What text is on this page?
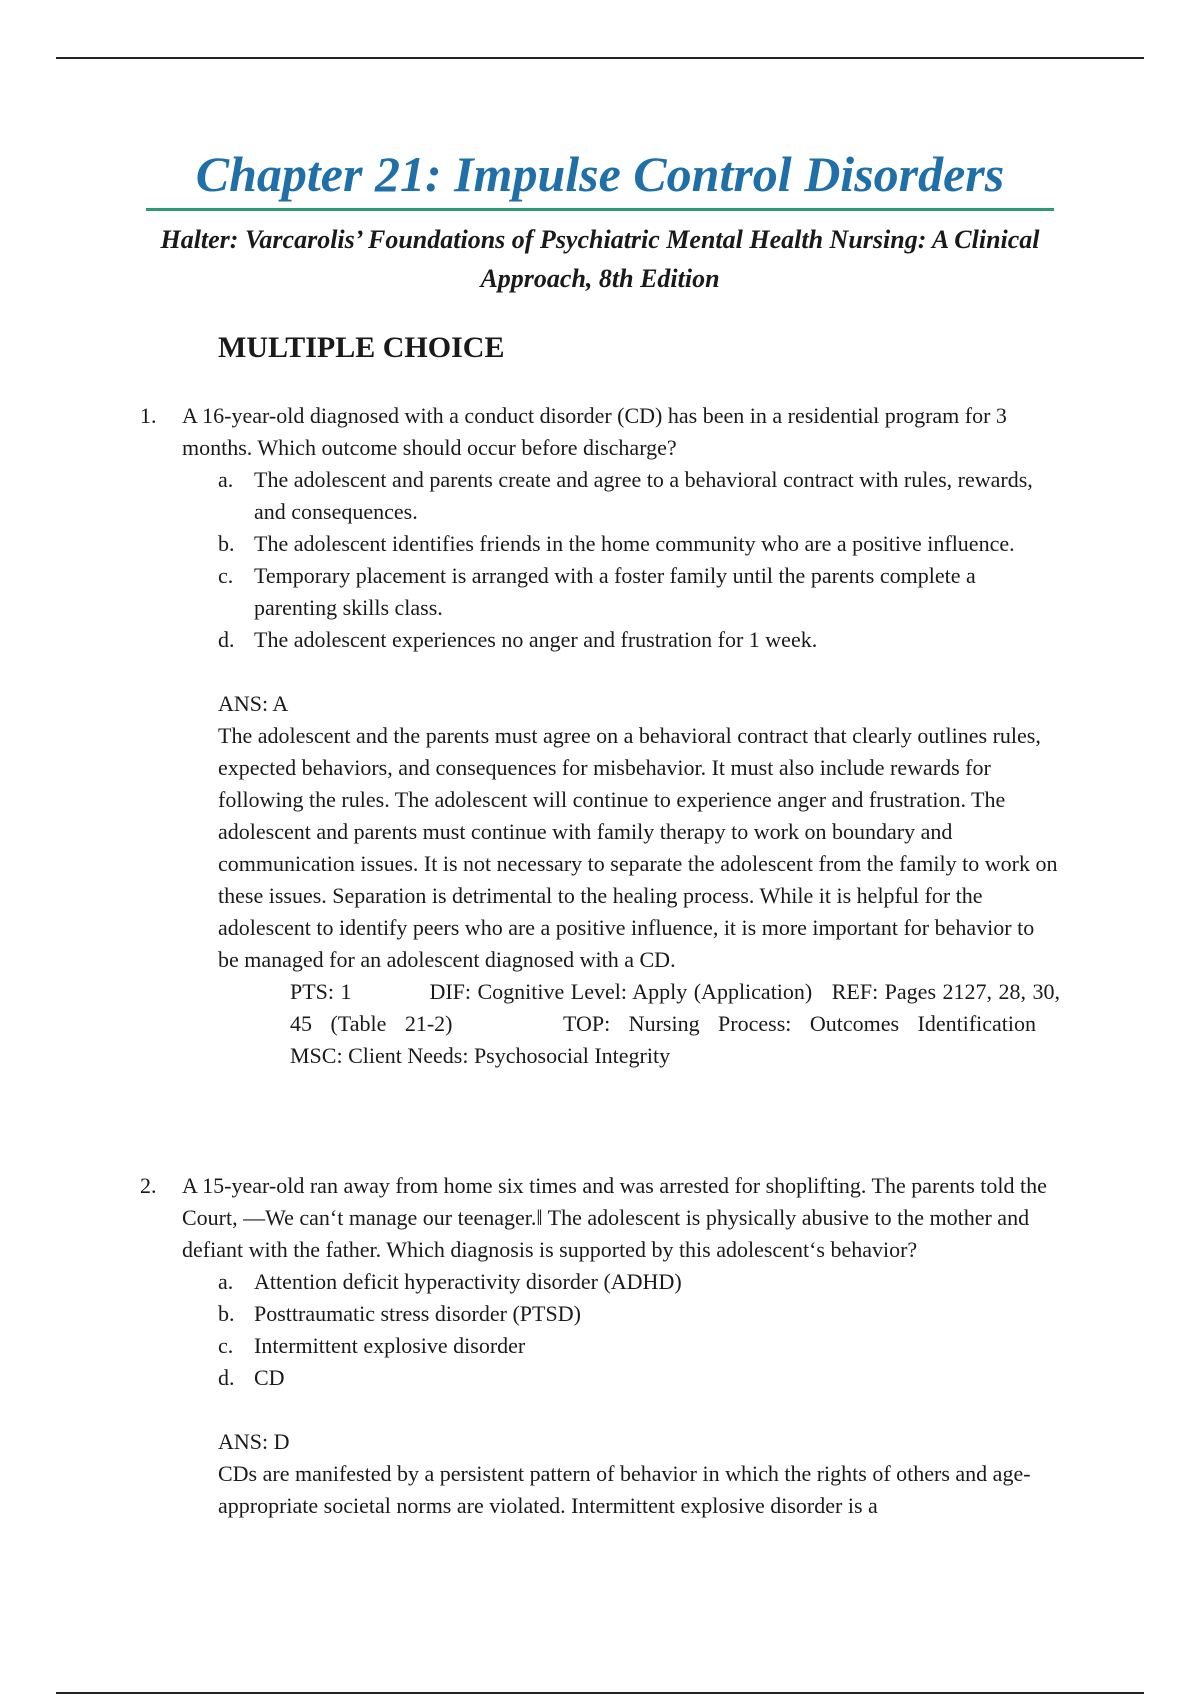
Chapter 21: Impulse Control Disorders
Halter: Varcarolis’ Foundations of Psychiatric Mental Health Nursing: A Clinical Approach, 8th Edition
MULTIPLE CHOICE
1.	A 16-year-old diagnosed with a conduct disorder (CD) has been in a residential program for 3 months. Which outcome should occur before discharge?
a. The adolescent and parents create and agree to a behavioral contract with rules, rewards, and consequences.
b. The adolescent identifies friends in the home community who are a positive influence.
c. Temporary placement is arranged with a foster family until the parents complete a parenting skills class.
d. The adolescent experiences no anger and frustration for 1 week.
ANS: A

The adolescent and the parents must agree on a behavioral contract that clearly outlines rules, expected behaviors, and consequences for misbehavior. It must also include rewards for following the rules. The adolescent will continue to experience anger and frustration. The adolescent and parents must continue with family therapy to work on boundary and communication issues. It is not necessary to separate the adolescent from the family to work on these issues. Separation is detrimental to the healing process. While it is helpful for the adolescent to identify peers who are a positive influence, it is more important for behavior to be managed for an adolescent diagnosed with a CD.

PTS: 1	DIF: Cognitive Level: Apply (Application) REF: Pages 2127, 28, 30, 45 (Table 21-2)	TOP: Nursing Process: Outcomes Identification   MSC: Client Needs: Psychosocial Integrity
2.	A 15-year-old ran away from home six times and was arrested for shoplifting. The parents told the Court, ―We can‘t manage our teenager.‖ The adolescent is physically abusive to the mother and defiant with the father. Which diagnosis is supported by this adolescent‘s behavior?
a. Attention deficit hyperactivity disorder (ADHD)
b. Posttraumatic stress disorder (PTSD)
c. Intermittent explosive disorder
d. CD
ANS: D

CDs are manifested by a persistent pattern of behavior in which the rights of others and age- appropriate societal norms are violated. Intermittent explosive disorder is a
